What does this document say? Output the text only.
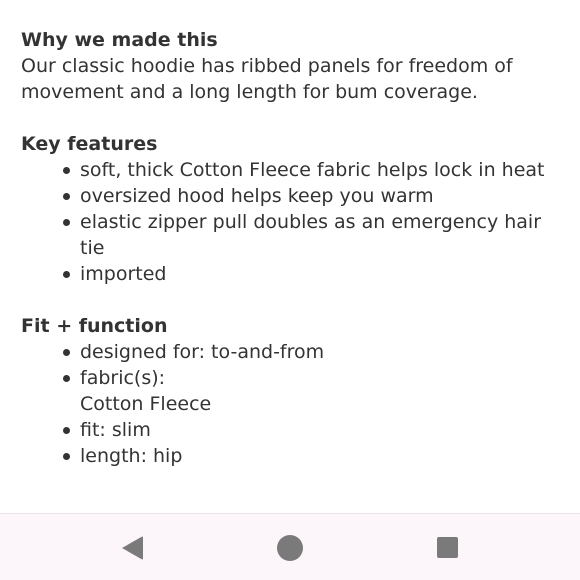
Why we made this

Our classic hoodie has ribbed panels for freedom of

movement and a long length for bum coverage.

Key features

soft, thick Cotton Fleece fabric helps lock in heat
oversized hood helps keep you warm
elastic zipper pull doubles as an emergency hair tie
imported

Fit + function

designed for: to-and-from
fabric(s):
Cotton Fleece
fit: slim
length: hip
